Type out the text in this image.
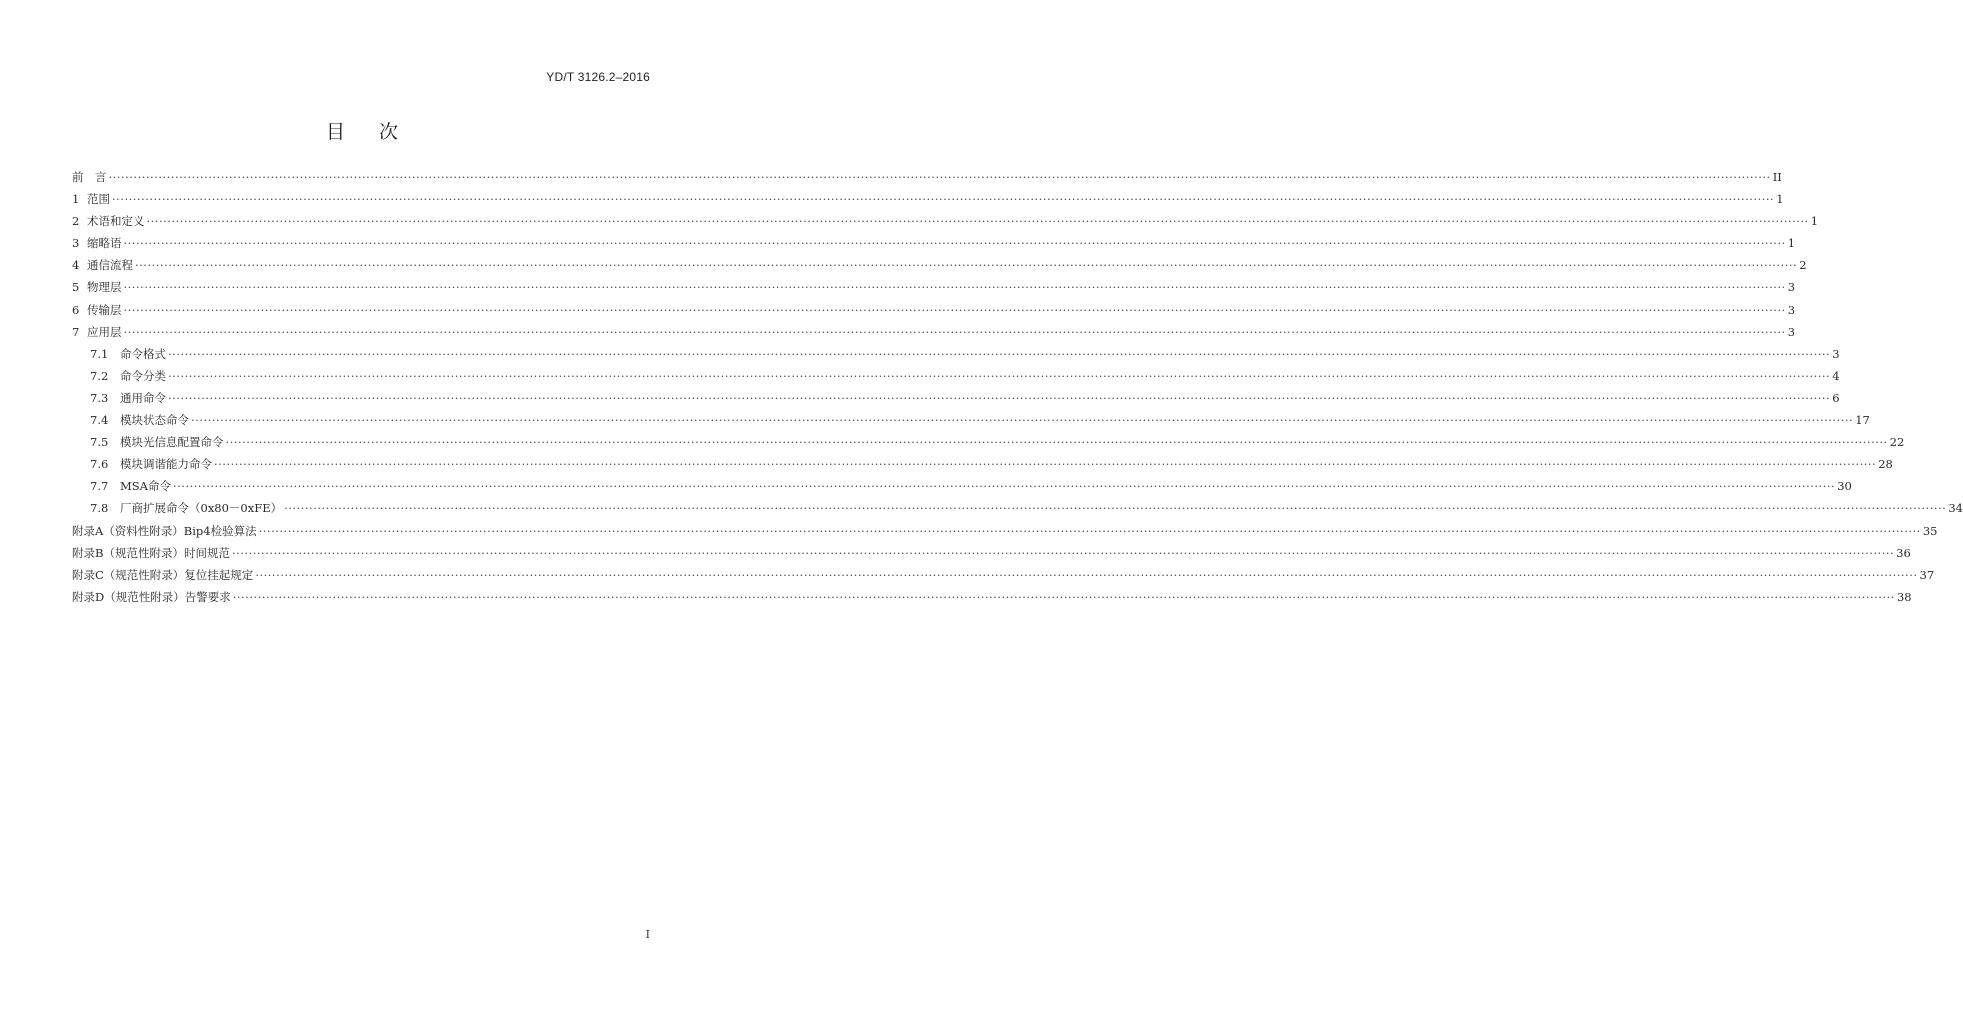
YD/T 3126.2–2016
目次
前　言 ················································································································································································································································································································································································································ II
1 范围 ················································································································································································································································································································································································································ 1
2 术语和定义 ················································································································································································································································································································································································································ 1
3 缩略语 ················································································································································································································································································································································································································ 1
4 通信流程 ················································································································································································································································································································································································································ 2
5 物理层 ················································································································································································································································································································································································································ 3
6 传输层 ················································································································································································································································································································································································································ 3
7 应用层 ················································································································································································································································································································································································································ 3
7.1	命令格式 ················································································································································································································································································································································································································ 3
7.2	命令分类 ················································································································································································································································································································································································································ 4
7.3	通用命令 ················································································································································································································································································································································································································ 6
7.4	模块状态命令 ················································································································································································································································································································································································································ 17
7.5	模块光信息配置命令 ················································································································································································································································································································································································································ 22
7.6	模块调谐能力命令 ················································································································································································································································································································································································································ 28
7.7	MSA命令 ················································································································································································································································································································································································································ 30
7.8	厂商扩展命令（0x80－0xFE） ················································································································································································································································································································································································································ 34
附录A（资料性附录）Bip4检验算法 ················································································································································································································································································································································································································ 35
附录B（规范性附录）时间规范 ················································································································································································································································································································································································································ 36
附录C（规范性附录）复位挂起规定 ················································································································································································································································································································································································································ 37
附录D（规范性附录）告警要求 ················································································································································································································································································································································································································ 38
I
